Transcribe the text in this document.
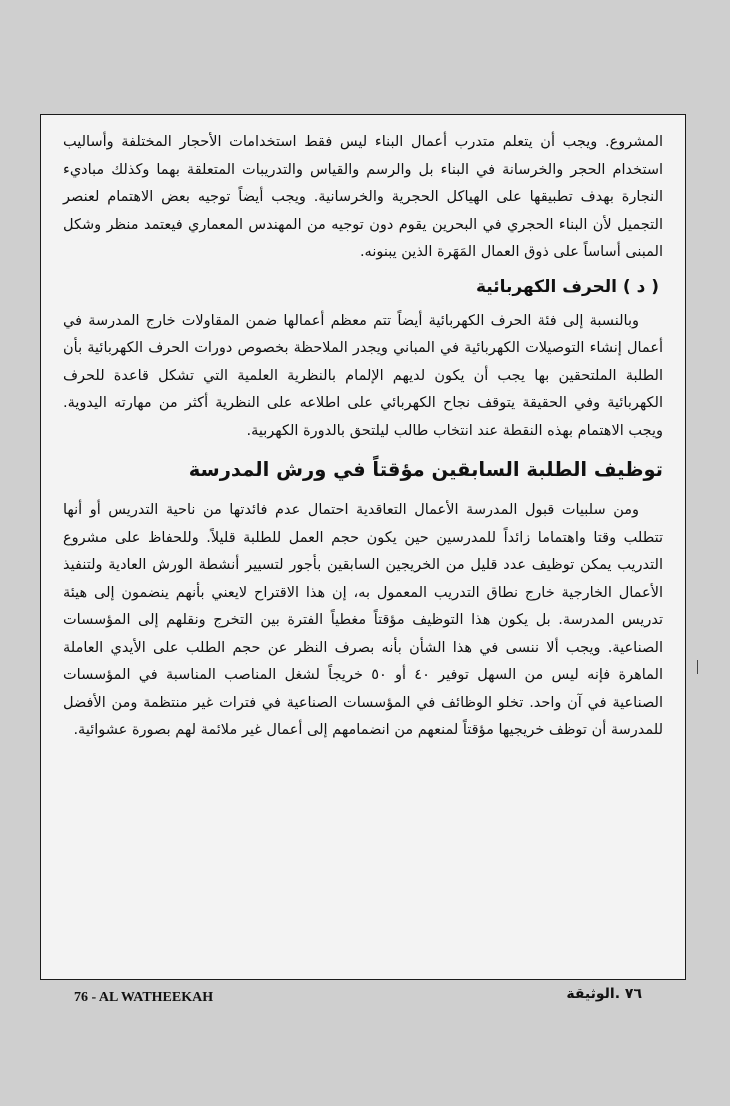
المشروع. ويجب أن يتعلم متدرب أعمال البناء ليس فقط استخدامات الأحجار المختلفة وأساليب استخدام الحجر والخرسانة في البناء بل والرسم والقياس والتدريبات المتعلقة بهما وكذلك مباديء النجارة بهدف تطبيقها على الهياكل الحجرية والخرسانية. ويجب أيضاً توجيه بعض الاهتمام لعنصر التجميل لأن البناء الحجري في البحرين يقوم دون توجيه من المهندس المعماري فيعتمد منظر وشكل المبنى أساساً على ذوق العمال المَهَرة الذين يبنونه.

( د ) الحرف الكهربائية

وبالنسبة إلى فئة الحرف الكهربائية أيضاً تتم معظم أعمالها ضمن المقاولات خارج المدرسة في أعمال إنشاء التوصيلات الكهربائية في المباني ويجدر الملاحظة بخصوص دورات الحرف الكهربائية بأن الطلبة الملتحقين بها يجب أن يكون لديهم الإلمام بالنظرية العلمية التي تشكل قاعدة للحرف الكهربائية وفي الحقيقة يتوقف نجاح الكهربائي على اطلاعه على النظرية أكثر من مهارته اليدوية. ويجب الاهتمام بهذه النقطة عند انتخاب طالب ليلتحق بالدورة الكهربية.

توظيف الطلبة السابقين مؤقتاً في ورش المدرسة

ومن سلبيات قبول المدرسة الأعمال التعاقدية احتمال عدم فائدتها من ناحية التدريس أو أنها تتطلب وقتا واهتماما زائداً للمدرسين حين يكون حجم العمل للطلبة قليلاً. وللحفاظ على مشروع التدريب يمكن توظيف عدد قليل من الخريجين السابقين بأجور لتسيير أنشطة الورش العادية ولتنفيذ الأعمال الخارجية خارج نطاق التدريب المعمول به، إن هذا الاقتراح لايعني بأنهم ينضمون إلى هيئة تدريس المدرسة. بل يكون هذا التوظيف مؤقتاً مغطياً الفترة بين التخرج ونقلهم إلى المؤسسات الصناعية. ويجب ألا ننسى في هذا الشأن بأنه بصرف النظر عن حجم الطلب على الأيدي العاملة الماهرة فإنه ليس من السهل توفير ٤٠ أو ٥٠ خريجاً لشغل المناصب المناسبة في المؤسسات الصناعية في آن واحد. تخلو الوظائف في المؤسسات الصناعية في فترات غير منتظمة ومن الأفضل للمدرسة أن توظف خريجيها مؤقتاً لمنعهم من انضمامهم إلى أعمال غير ملائمة لهم بصورة عشوائية.

76 - AL WATHEEKAH	٧٦ .الوثيقة
